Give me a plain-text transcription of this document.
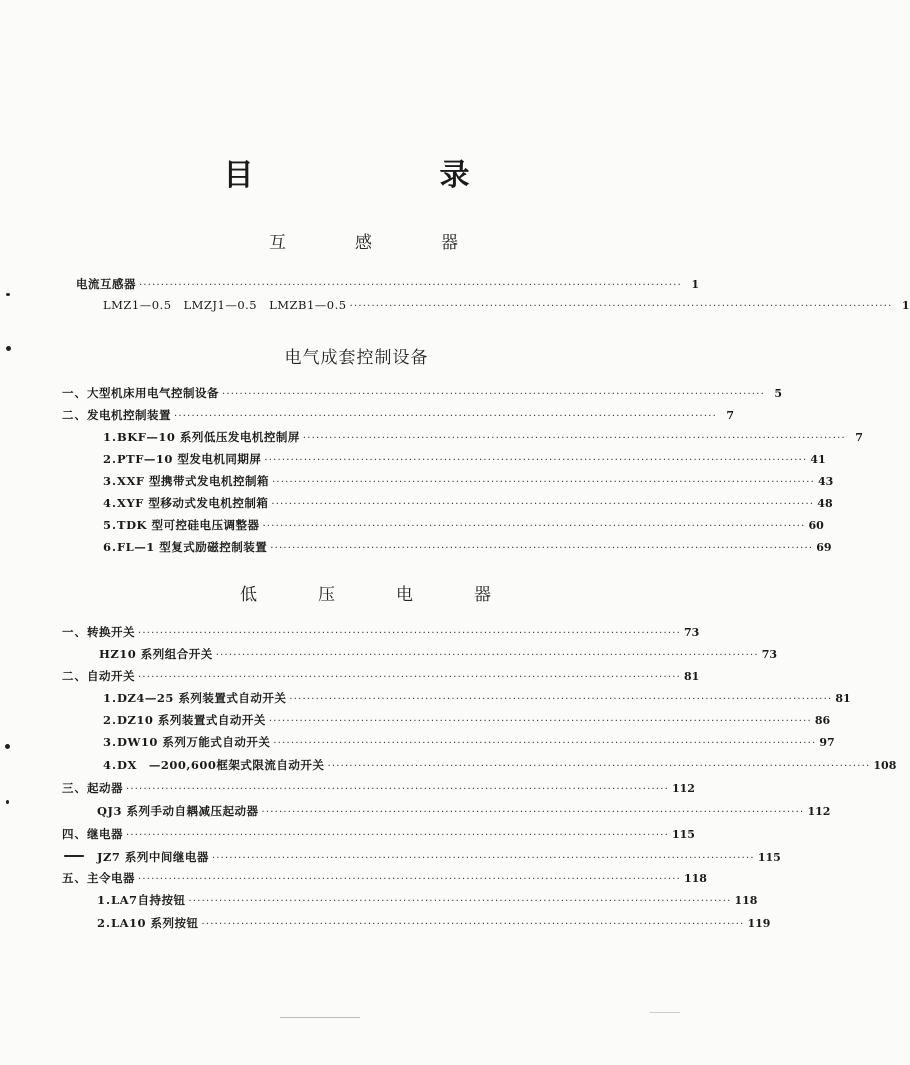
目　录
互　感　器
电流互感器 ···························································································································· 1
LMZ1—0.5　LMZJ1—0.5　LMZB1—0.5 ···························································································································· 1
电气成套控制设备
一、 大型机床用电气控制设备 ···························································································································· 5
二、 发电机控制装置 ···························································································································· 7
1. BKF—10 系列低压发电机控制屏 ···························································································································· 7
2. PTF—10 型发电机同期屏 ···························································································································· 41
3. XXF 型携带式发电机控制箱 ···························································································································· 43
4. XYF 型移动式发电机控制箱 ···························································································································· 48
5. TDK 型可控硅电压调整器 ···························································································································· 60
6. FL—1 型复式励磁控制装置 ···························································································································· 69
低　压　电　器
一、 转换开关 ···························································································································· 73
HZ10 系列组合开关 ···························································································································· 73
二、 自动开关 ···························································································································· 81
1. DZ4—25 系列装置式自动开关 ···························································································································· 81
2. DZ10 系列装置式自动开关 ···························································································································· 86
3. DW10 系列万能式自动开关 ···························································································································· 97
4. DX　—200,600框架式限流自动开关 ···························································································································· 108
三、 起动器 ···························································································································· 112
QJ3 系列手动自耦减压起动器 ···························································································································· 112
四、 继电器 ···························································································································· 115
JZ7 系列中间继电器 ···························································································································· 115
五、 主令电器 ···························································································································· 118
1. LA7自持按钮 ···························································································································· 118
2. LA10 系列按钮 ···························································································································· 119
